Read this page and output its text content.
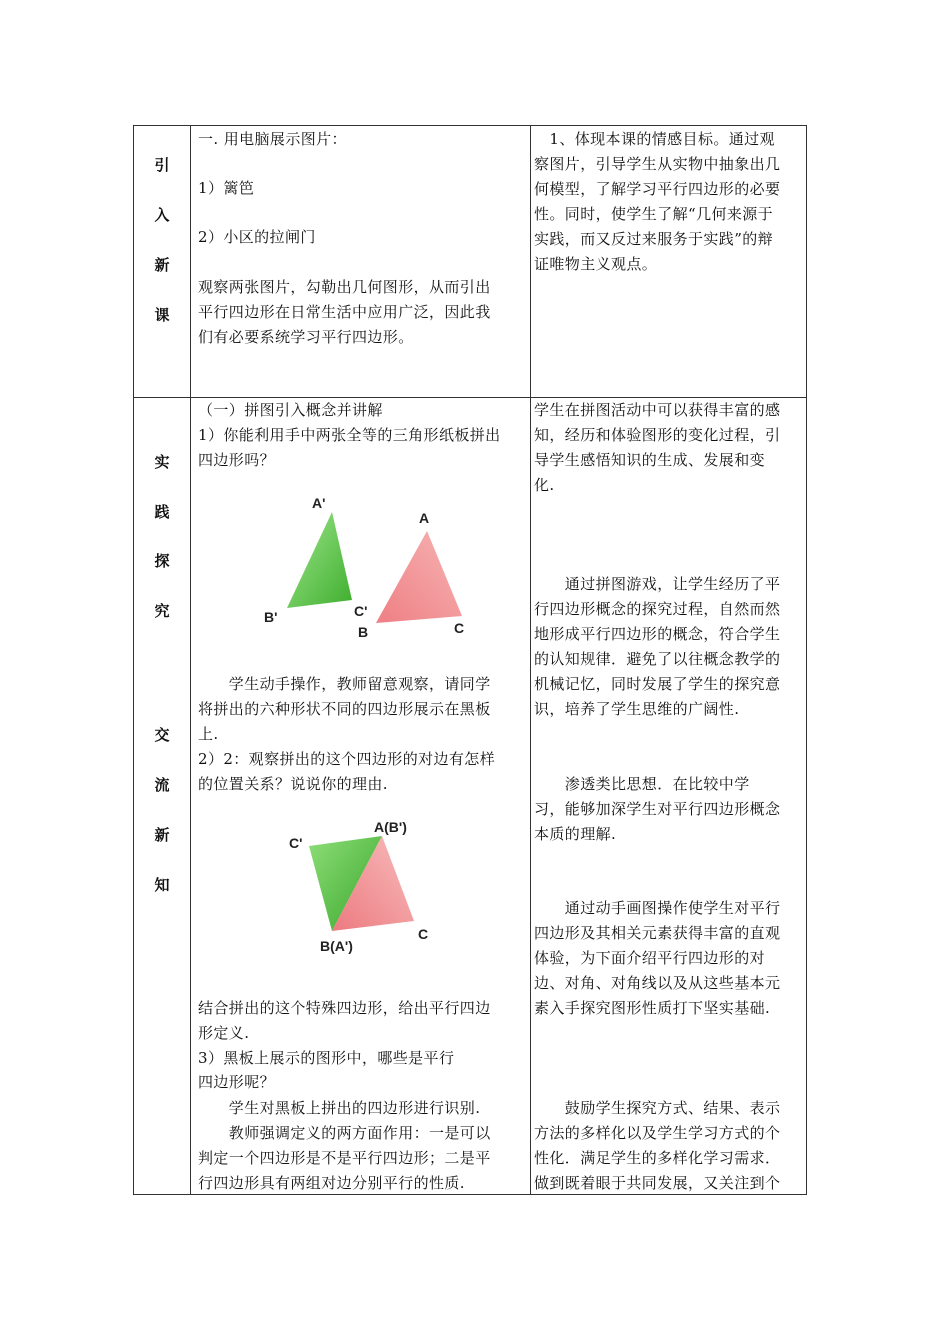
引
入
新
课
一. 用电脑展示图片：
1）篱笆
2）小区的拉闸门
观察两张图片，勾勒出几何图形，从而引出
平行四边形在日常生活中应用广泛，因此我
们有必要系统学习平行四边形。
　1、体现本课的情感目标。通过观
察图片，引导学生从实物中抽象出几
何模型，了解学习平行四边形的必要
性。同时，使学生了解“几何来源于
实践，而又反过来服务于实践”的辩
证唯物主义观点。
实
践
探
究
交
流
新
知
（一）拼图引入概念并讲解
1）你能利用手中两张全等的三角形纸板拼出
四边形吗？
A'
B'	C'
A
B	C
　　学生动手操作，教师留意观察，请同学
将拼出的六种形状不同的四边形展示在黑板
上.
2）2：观察拼出的这个四边形的对边有怎样
的位置关系？说说你的理由.
C'
A(B')
B(A')
C
结合拼出的这个特殊四边形，给出平行四边
形定义.
3）黑板上展示的图形中，哪些是平行
四边形呢？
　　学生对黑板上拼出的四边形进行识别.
　　教师强调定义的两方面作用：一是可以
判定一个四边形是不是平行四边形；二是平
行四边形具有两组对边分别平行的性质.
学生在拼图活动中可以获得丰富的感
知，经历和体验图形的变化过程，引
导学生感悟知识的生成、发展和变
化.
　　通过拼图游戏，让学生经历了平
行四边形概念的探究过程，自然而然
地形成平行四边形的概念，符合学生
的认知规律．避免了以往概念教学的
机械记忆，同时发展了学生的探究意
识，培养了学生思维的广阔性.
　　渗透类比思想．在比较中学
习，能够加深学生对平行四边形概念
本质的理解.
　　通过动手画图操作使学生对平行
四边形及其相关元素获得丰富的直观
体验，为下面介绍平行四边形的对
边、对角、对角线以及从这些基本元
素入手探究图形性质打下坚实基础.
　　鼓励学生探究方式、结果、表示
方法的多样化以及学生学习方式的个
性化．满足学生的多样化学习需求．
做到既着眼于共同发展，又关注到个
